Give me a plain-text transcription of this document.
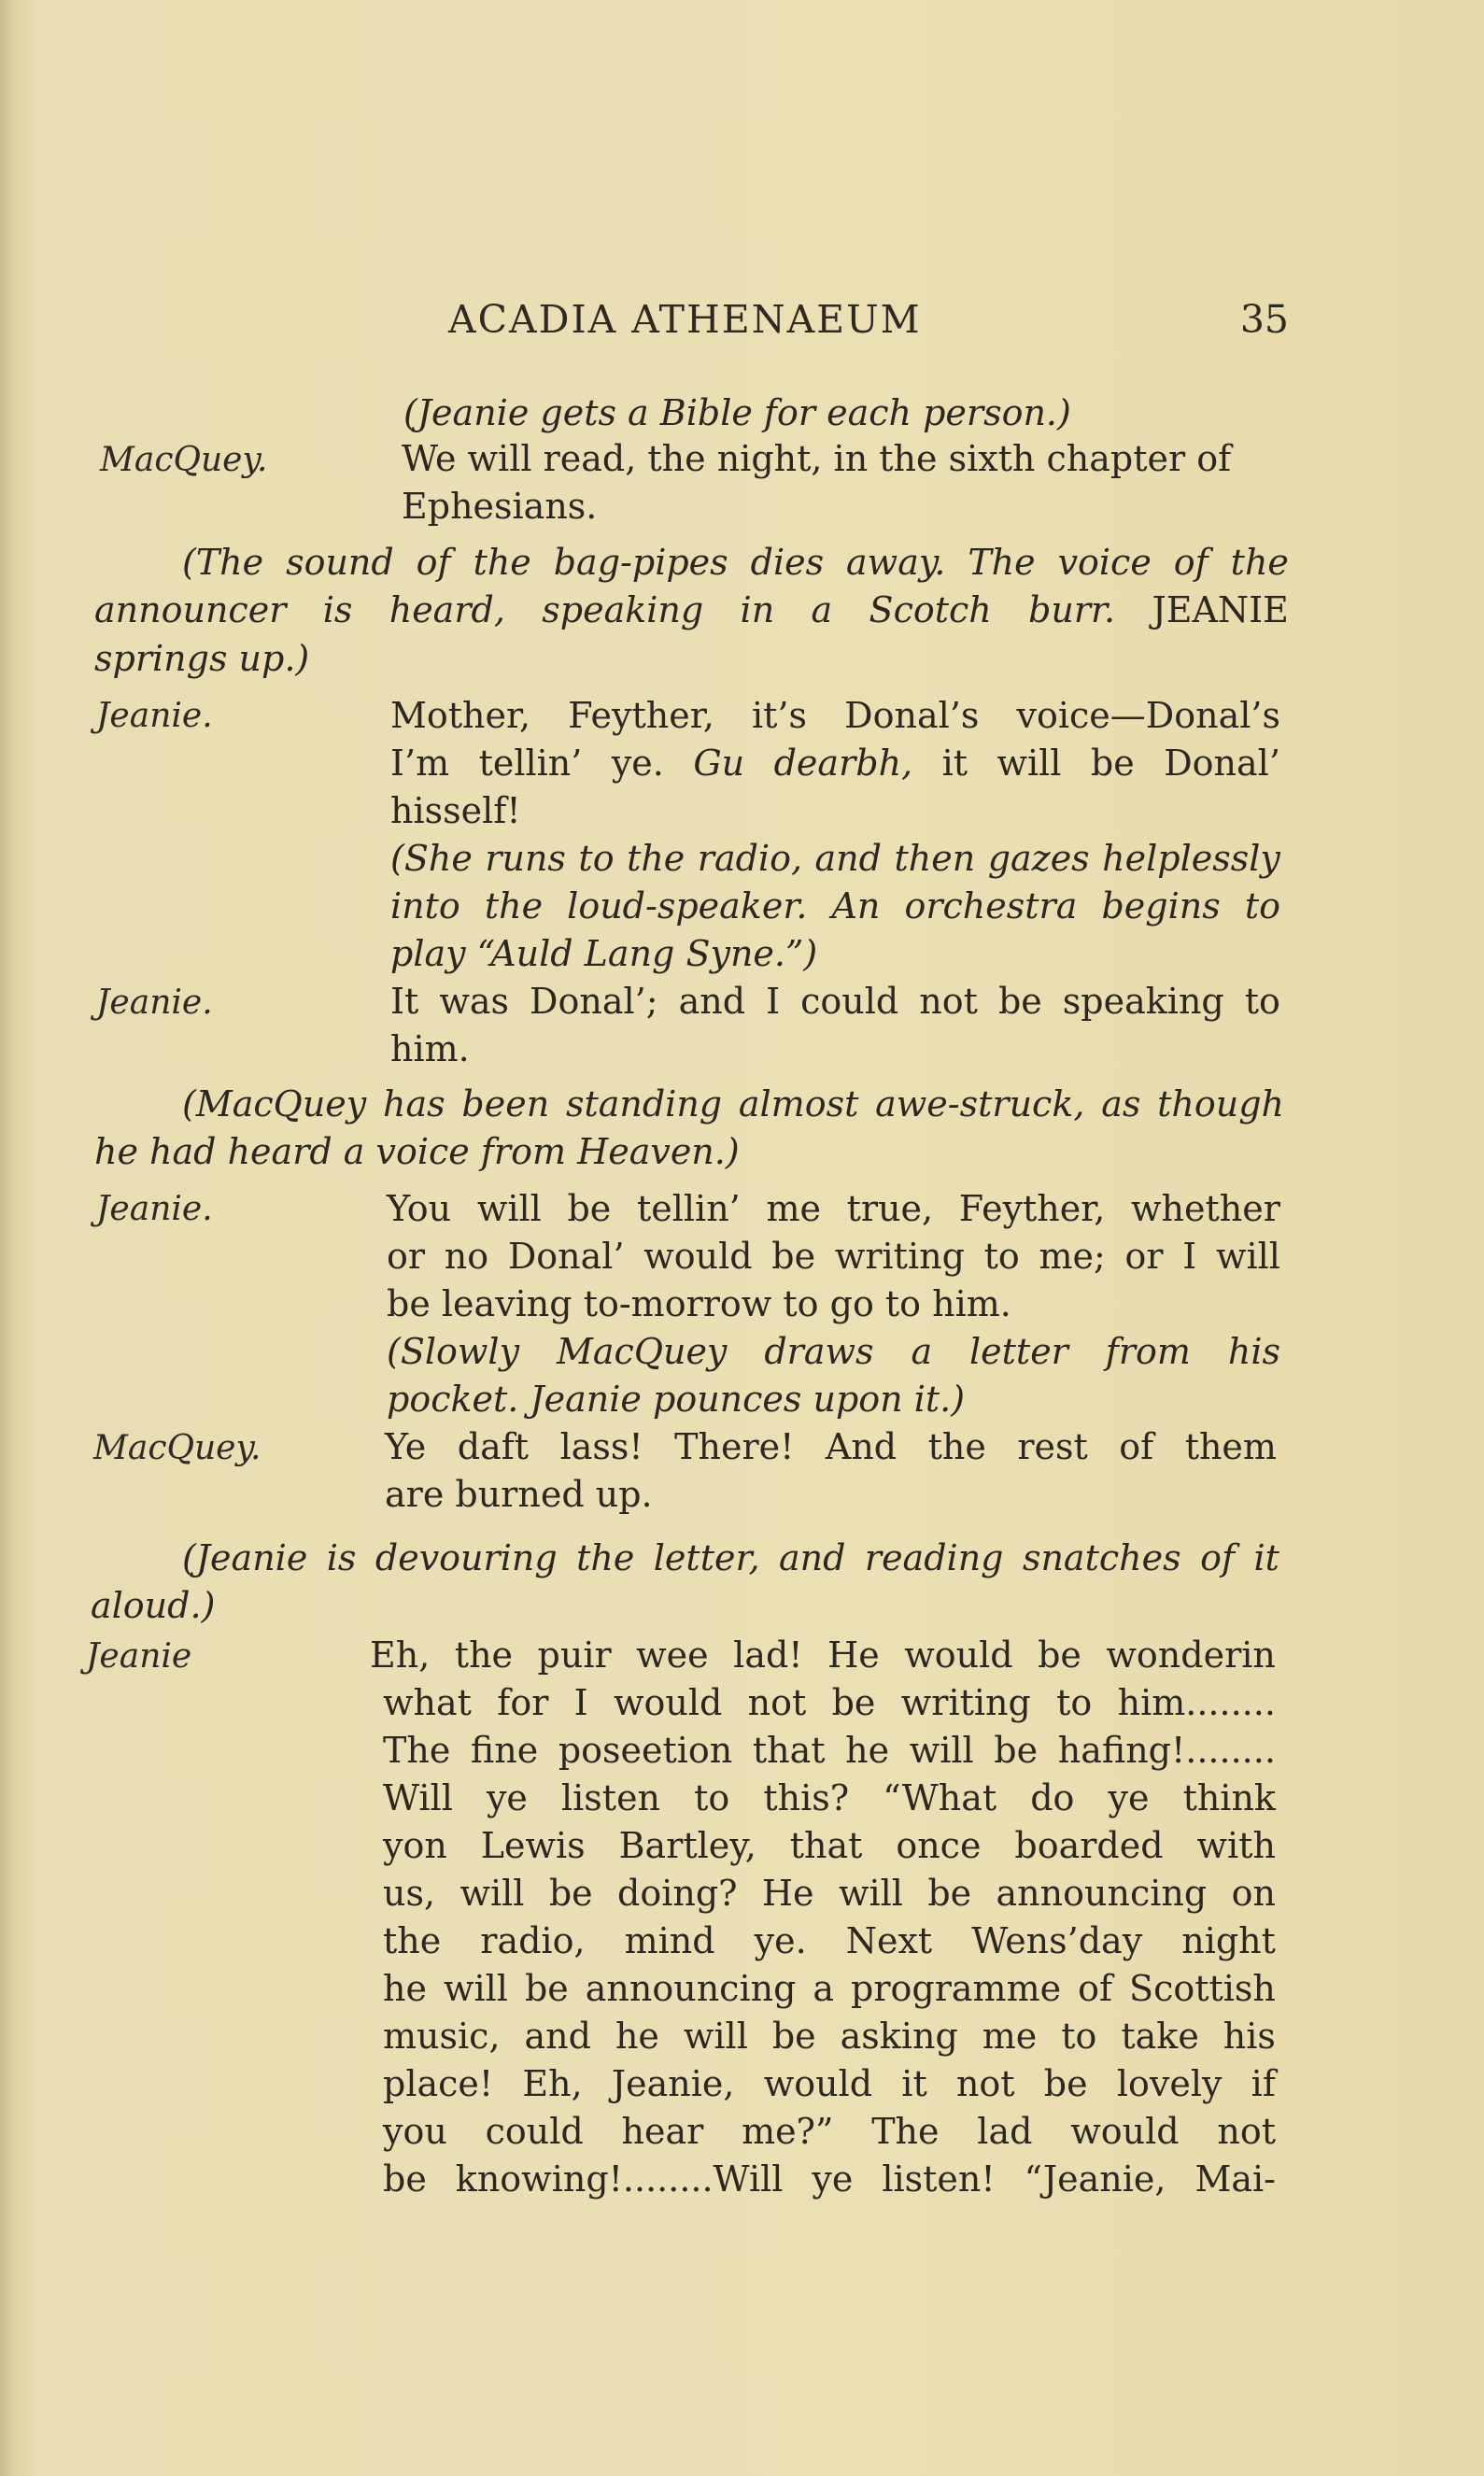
ACADIA ATHENAEUM	35
(Jeanie gets a Bible for each person.)
MacQuey.	We will read, the night, in the sixth chapter of
Ephesians.
(The sound of the bag-pipes dies away. The voice of the
announcer is heard, speaking in a Scotch burr. JEANIE
springs up.)
Jeanie.	Mother, Feyther, it’s Donal’s voice—Donal’s
I’m tellin’ ye. Gu dearbh, it will be Donal’
hisself!
(She runs to the radio, and then gazes helplessly
into the loud-speaker. An orchestra begins to
play “Auld Lang Syne.”)
Jeanie.	It was Donal’; and I could not be speaking to
him.
(MacQuey has been standing almost awe-struck, as though
he had heard a voice from Heaven.)
Jeanie.	You will be tellin’ me true, Feyther, whether
or no Donal’ would be writing to me; or I will
be leaving to-morrow to go to him.
(Slowly MacQuey draws a letter from his
pocket. Jeanie pounces upon it.)
MacQuey.	Ye daft lass! There! And the rest of them
are burned up.
(Jeanie is devouring the letter, and reading snatches of it
aloud.)
Jeanie	Eh, the puir wee lad! He would be wonderin
what for I would not be writing to him........
The fine poseetion that he will be hafing!........
Will ye listen to this? “What do ye think
yon Lewis Bartley, that once boarded with
us, will be doing? He will be announcing on
the radio, mind ye. Next Wens’day night
he will be announcing a programme of Scottish
music, and he will be asking me to take his
place! Eh, Jeanie, would it not be lovely if
you could hear me?” The lad would not
be knowing!........Will ye listen! “Jeanie, Mai-
